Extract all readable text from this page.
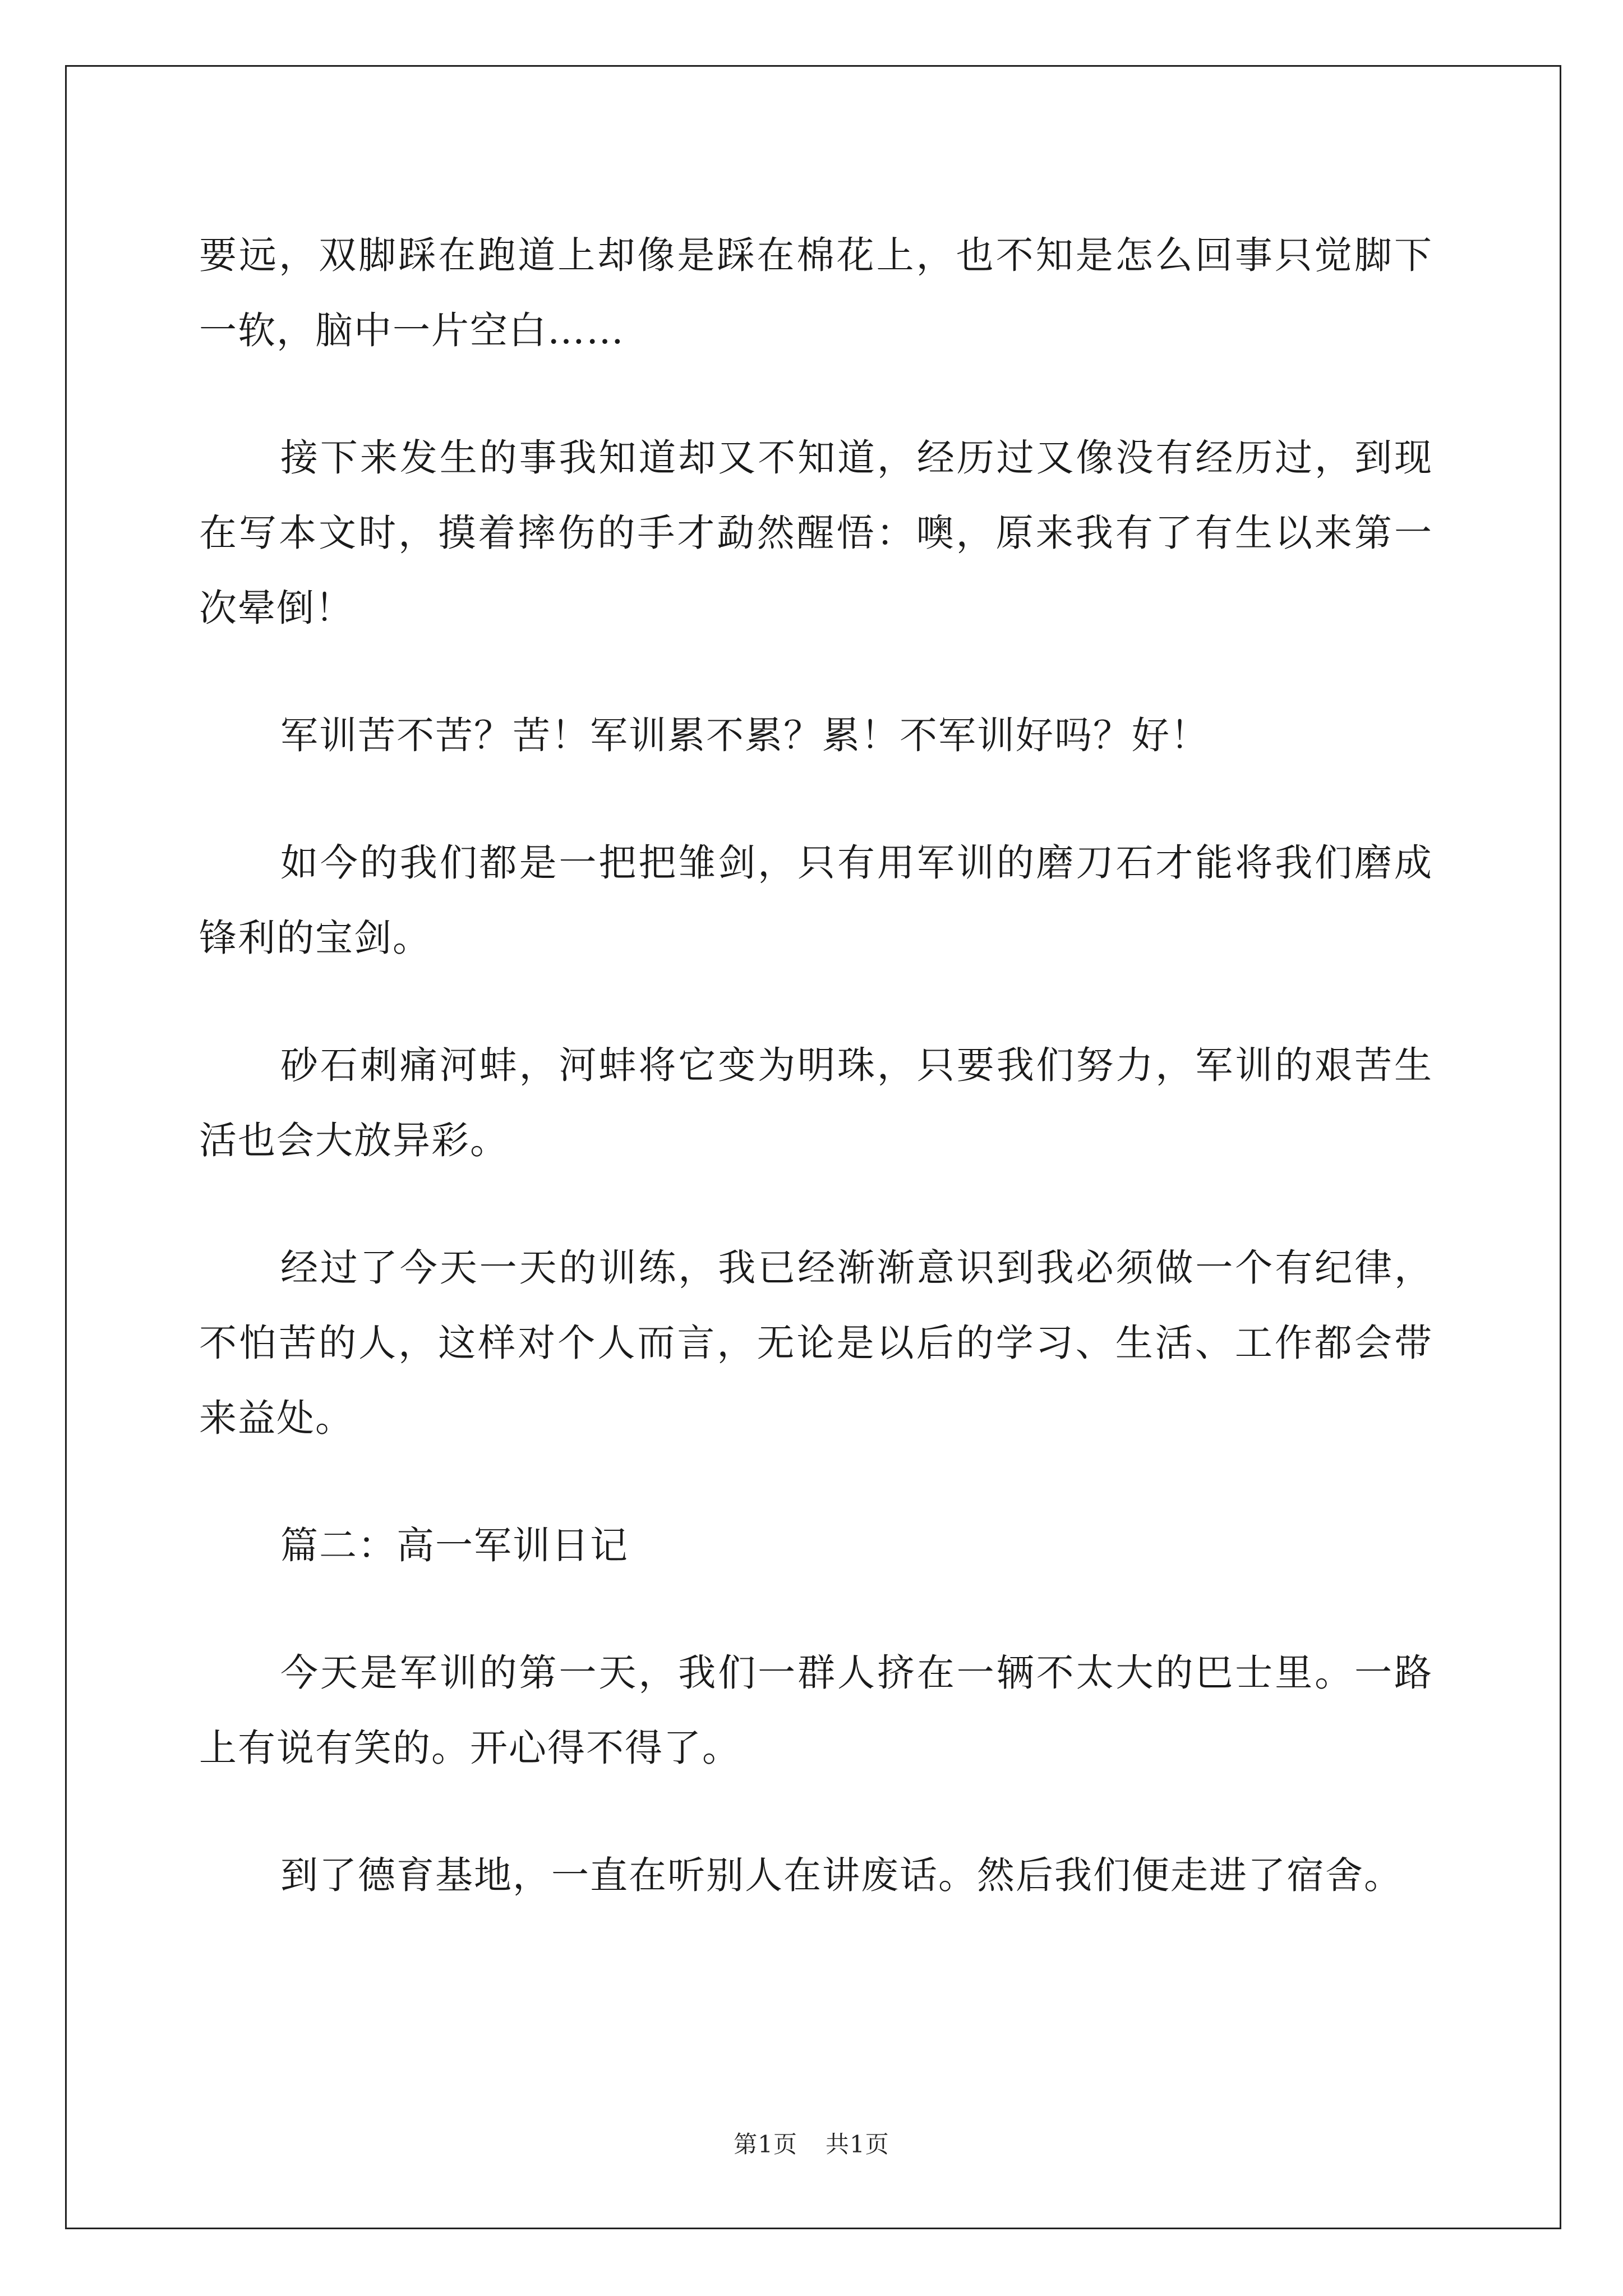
要远，双脚踩在跑道上却像是踩在棉花上，也不知是怎么回事只觉脚下一软，脑中一片空白……

接下来发生的事我知道却又不知道，经历过又像没有经历过，到现在写本文时，摸着摔伤的手才勐然醒悟：噢，原来我有了有生以来第一次晕倒！

军训苦不苦？苦！军训累不累？累！不军训好吗？好！

如今的我们都是一把把雏剑，只有用军训的磨刀石才能将我们磨成锋利的宝剑。

砂石刺痛河蚌，河蚌将它变为明珠，只要我们努力，军训的艰苦生活也会大放异彩。

经过了今天一天的训练，我已经渐渐意识到我必须做一个有纪律，不怕苦的人，这样对个人而言，无论是以后的学习、生活、工作都会带来益处。

篇二：高一军训日记

今天是军训的第一天，我们一群人挤在一辆不太大的巴士里。一路上有说有笑的。开心得不得了。

到了德育基地，一直在听别人在讲废话。然后我们便走进了宿舍。

第1页 共1页
